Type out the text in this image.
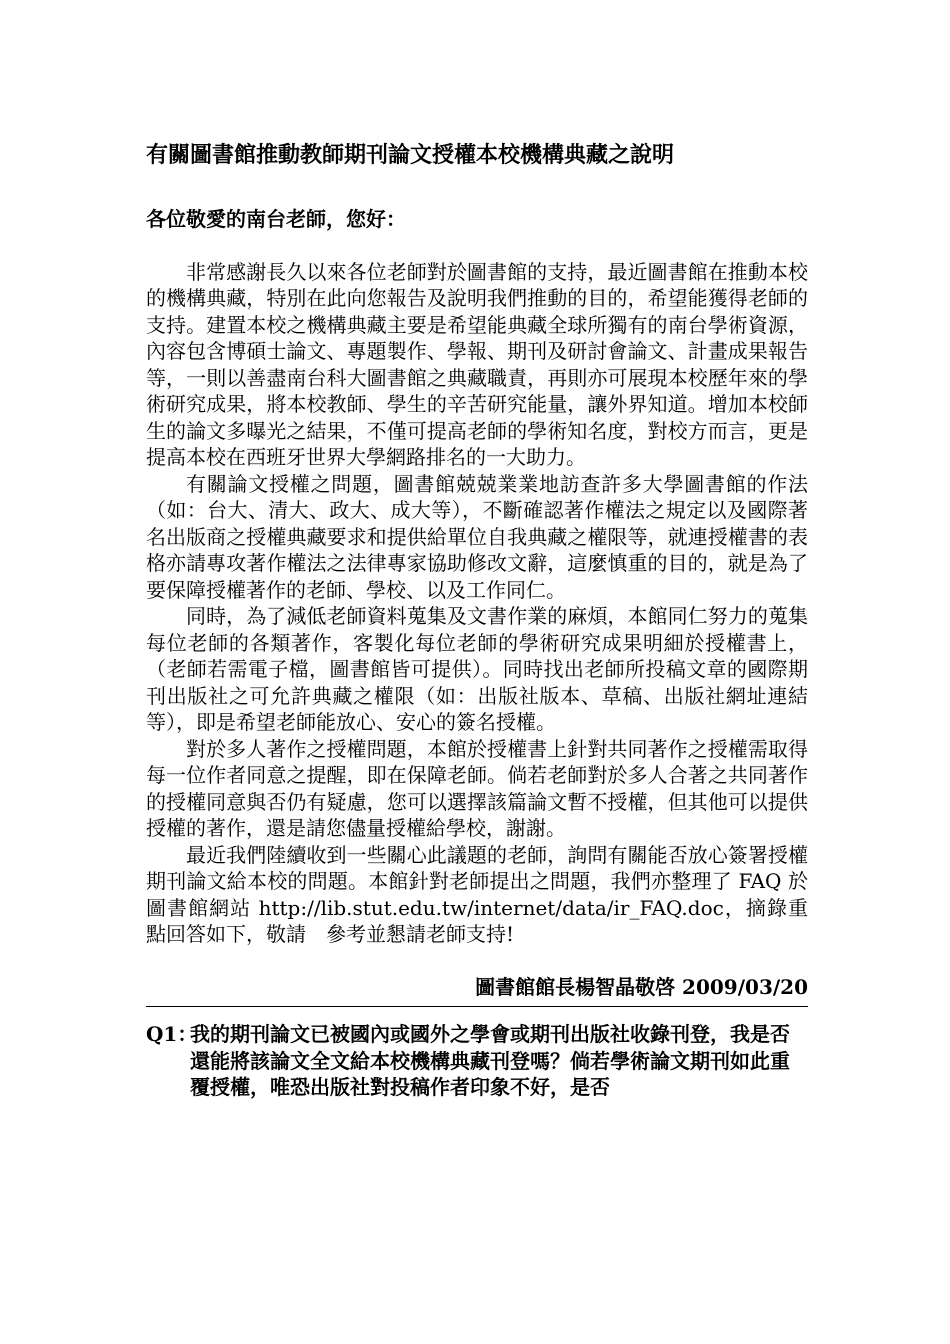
有關圖書館推動教師期刊論文授權本校機構典藏之說明
各位敬愛的南台老師，您好：

非常感謝長久以來各位老師對於圖書館的支持，最近圖書館在推動本校的機構典藏，特別在此向您報告及說明我們推動的目的，希望能獲得老師的支持。建置本校之機構典藏主要是希望能典藏全球所獨有的南台學術資源，內容包含博碩士論文、專題製作、學報、期刊及研討會論文、計畫成果報告等，一則以善盡南台科大圖書館之典藏職責，再則亦可展現本校歷年來的學術研究成果，將本校教師、學生的辛苦研究能量，讓外界知道。增加本校師生的論文多曝光之結果，不僅可提高老師的學術知名度，對校方而言，更是提高本校在西班牙世界大學網路排名的一大助力。

有關論文授權之問題，圖書館兢兢業業地訪查許多大學圖書館的作法（如：台大、清大、政大、成大等），不斷確認著作權法之規定以及國際著名出版商之授權典藏要求和提供給單位自我典藏之權限等，就連授權書的表格亦請專攻著作權法之法律專家協助修改文辭，這麼慎重的目的，就是為了要保障授權著作的老師、學校、以及工作同仁。

同時，為了減低老師資料蒐集及文書作業的麻煩，本館同仁努力的蒐集每位老師的各類著作，客製化每位老師的學術研究成果明細於授權書上，（老師若需電子檔，圖書館皆可提供）。同時找出老師所投稿文章的國際期刊出版社之可允許典藏之權限（如：出版社版本、草稿、出版社網址連結等），即是希望老師能放心、安心的簽名授權。

對於多人著作之授權問題，本館於授權書上針對共同著作之授權需取得每一位作者同意之提醒，即在保障老師。倘若老師對於多人合著之共同著作的授權同意與否仍有疑慮，您可以選擇該篇論文暫不授權，但其他可以提供授權的著作，還是請您儘量授權給學校，謝謝。

最近我們陸續收到一些關心此議題的老師，詢問有關能否放心簽署授權期刊論文給本校的問題。本館針對老師提出之問題，我們亦整理了 FAQ 於圖書館網站 http://lib.stut.edu.tw/internet/data/ir_FAQ.doc，摘錄重點回答如下，敬請　參考並懇請老師支持!

圖書館館長楊智晶敬啓 2009/03/20
Q1：
我的期刊論文已被國內或國外之學會或期刊出版社收錄刊登，我是否還能將該論文全文給本校機構典藏刊登嗎？倘若學術論文期刊如此重覆授權，唯恐出版社對投稿作者印象不好，是否
